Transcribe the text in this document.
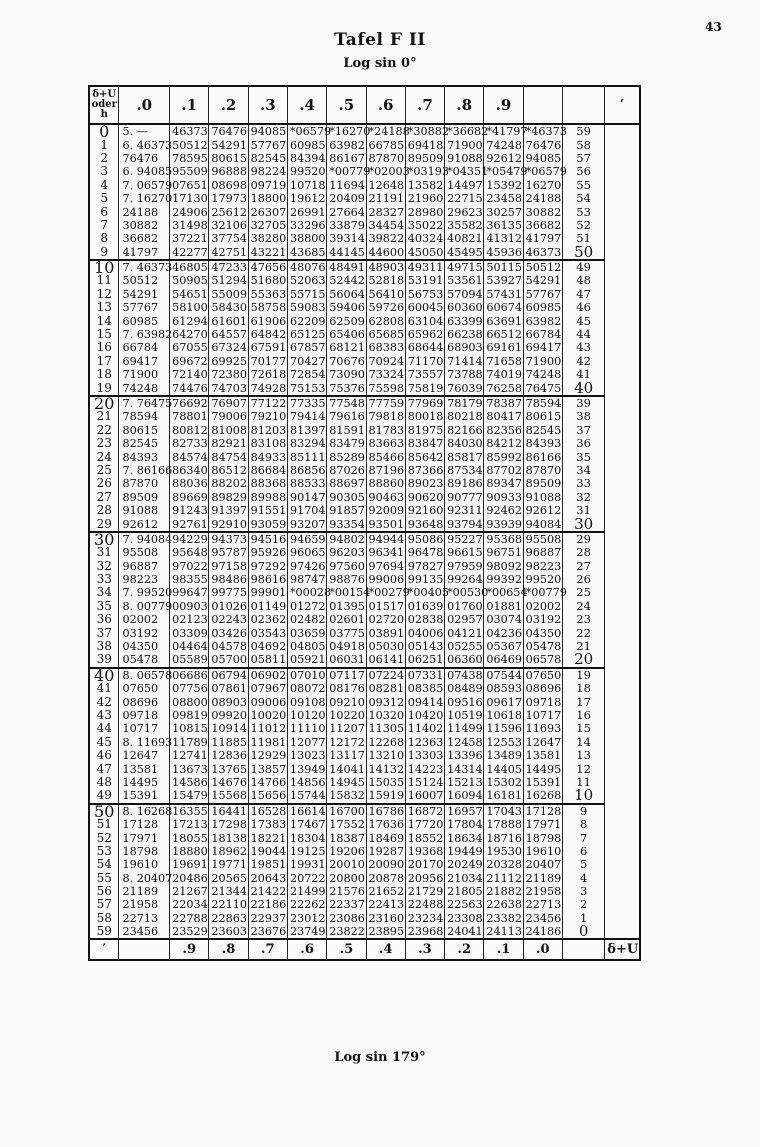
43
Tafel F II
Log sin 0°
δ+U
oder
h	.0	.1	.2	.3	.4	.5	.6	.7	.8	.9			′
0	5. —	46373	76476	94085	*06579	*16270	*24188	*30882	*36682	*41797	*46373	59	
1	6. 46373	50512	54291	57767	60985	63982	66785	69418	71900	74248	76476	58	
2	76476	78595	80615	82545	84394	86167	87870	89509	91088	92612	94085	57	
3	6. 94085	95509	96888	98224	99520	*00779	*02003	*03193	*04351	*05479	*06579	56	
4	7. 06579	07651	08698	09719	10718	11694	12648	13582	14497	15392	16270	55	
5	7. 16270	17130	17973	18800	19612	20409	21191	21960	22715	23458	24188	54	
6	24188	24906	25612	26307	26991	27664	28327	28980	29623	30257	30882	53	
7	30882	31498	32106	32705	33296	33879	34454	35022	35582	36135	36682	52	
8	36682	37221	37754	38280	38800	39314	39822	40324	40821	41312	41797	51	
9	41797	42277	42751	43221	43685	44145	44600	45050	45495	45936	46373	50	
10	7. 46373	46805	47233	47656	48076	48491	48903	49311	49715	50115	50512	49	
11	50512	50905	51294	51680	52063	52442	52818	53191	53561	53927	54291	48	
12	54291	54651	55009	55363	55715	56064	56410	56753	57094	57431	57767	47	
13	57767	58100	58430	58758	59083	59406	59726	60045	60360	60674	60985	46	
14	60985	61294	61601	61906	62209	62509	62808	63104	63399	63691	63982	45	
15	7. 63982	64270	64557	64842	65125	65406	65685	65962	66238	66512	66784	44	
16	66784	67055	67324	67591	67857	68121	68383	68644	68903	69161	69417	43	
17	69417	69672	69925	70177	70427	70676	70924	71170	71414	71658	71900	42	
18	71900	72140	72380	72618	72854	73090	73324	73557	73788	74019	74248	41	
19	74248	74476	74703	74928	75153	75376	75598	75819	76039	76258	76475	40	
20	7. 76475	76692	76907	77122	77335	77548	77759	77969	78179	78387	78594	39	
21	78594	78801	79006	79210	79414	79616	79818	80018	80218	80417	80615	38	
22	80615	80812	81008	81203	81397	81591	81783	81975	82166	82356	82545	37	
23	82545	82733	82921	83108	83294	83479	83663	83847	84030	84212	84393	36	
24	84393	84574	84754	84933	85111	85289	85466	85642	85817	85992	86166	35	
25	7. 86166	86340	86512	86684	86856	87026	87196	87366	87534	87702	87870	34	
26	87870	88036	88202	88368	88533	88697	88860	89023	89186	89347	89509	33	
27	89509	89669	89829	89988	90147	90305	90463	90620	90777	90933	91088	32	
28	91088	91243	91397	91551	91704	91857	92009	92160	92311	92462	92612	31	
29	92612	92761	92910	93059	93207	93354	93501	93648	93794	93939	94084	30	
30	7. 94084	94229	94373	94516	94659	94802	94944	95086	95227	95368	95508	29	
31	95508	95648	95787	95926	96065	96203	96341	96478	96615	96751	96887	28	
32	96887	97022	97158	97292	97426	97560	97694	97827	97959	98092	98223	27	
33	98223	98355	98486	98616	98747	98876	99006	99135	99264	99392	99520	26	
34	7. 99520	99647	99775	99901	*00028	*00154	*00279	*00405	*00530	*00654	*00779	25	
35	8. 00779	00903	01026	01149	01272	01395	01517	01639	01760	01881	02002	24	
36	02002	02123	02243	02362	02482	02601	02720	02838	02957	03074	03192	23	
37	03192	03309	03426	03543	03659	03775	03891	04006	04121	04236	04350	22	
38	04350	04464	04578	04692	04805	04918	05030	05143	05255	05367	05478	21	
39	05478	05589	05700	05811	05921	06031	06141	06251	06360	06469	06578	20	
40	8. 06578	06686	06794	06902	07010	07117	07224	07331	07438	07544	07650	19	
41	07650	07756	07861	07967	08072	08176	08281	08385	08489	08593	08696	18	
42	08696	08800	08903	09006	09108	09210	09312	09414	09516	09617	09718	17	
43	09718	09819	09920	10020	10120	10220	10320	10420	10519	10618	10717	16	
44	10717	10815	10914	11012	11110	11207	11305	11402	11499	11596	11693	15	
45	8. 11693	11789	11885	11981	12077	12172	12268	12363	12458	12553	12647	14	
46	12647	12741	12836	12929	13023	13117	13210	13303	13396	13489	13581	13	
47	13581	13673	13765	13857	13949	14041	14132	14223	14314	14405	14495	12	
48	14495	14586	14676	14766	14856	14945	15035	15124	15213	15302	15391	11	
49	15391	15479	15568	15656	15744	15832	15919	16007	16094	16181	16268	10	
50	8. 16268	16355	16441	16528	16614	16700	16786	16872	16957	17043	17128	9	
51	17128	17213	17298	17383	17467	17552	17636	17720	17804	17888	17971	8	
52	17971	18055	18138	18221	18304	18387	18469	18552	18634	18716	18798	7	
53	18798	18880	18962	19044	19125	19206	19287	19368	19449	19530	19610	6	
54	19610	19691	19771	19851	19931	20010	20090	20170	20249	20328	20407	5	
55	8. 20407	20486	20565	20643	20722	20800	20878	20956	21034	21112	21189	4	
56	21189	21267	21344	21422	21499	21576	21652	21729	21805	21882	21958	3	
57	21958	22034	22110	22186	22262	22337	22413	22488	22563	22638	22713	2	
58	22713	22788	22863	22937	23012	23086	23160	23234	23308	23382	23456	1	
59	23456	23529	23603	23676	23749	23822	23895	23968	24041	24113	24186	0	
′		.9	.8	.7	.6	.5	.4	.3	.2	.1	.0		δ+U
Log sin 179°
